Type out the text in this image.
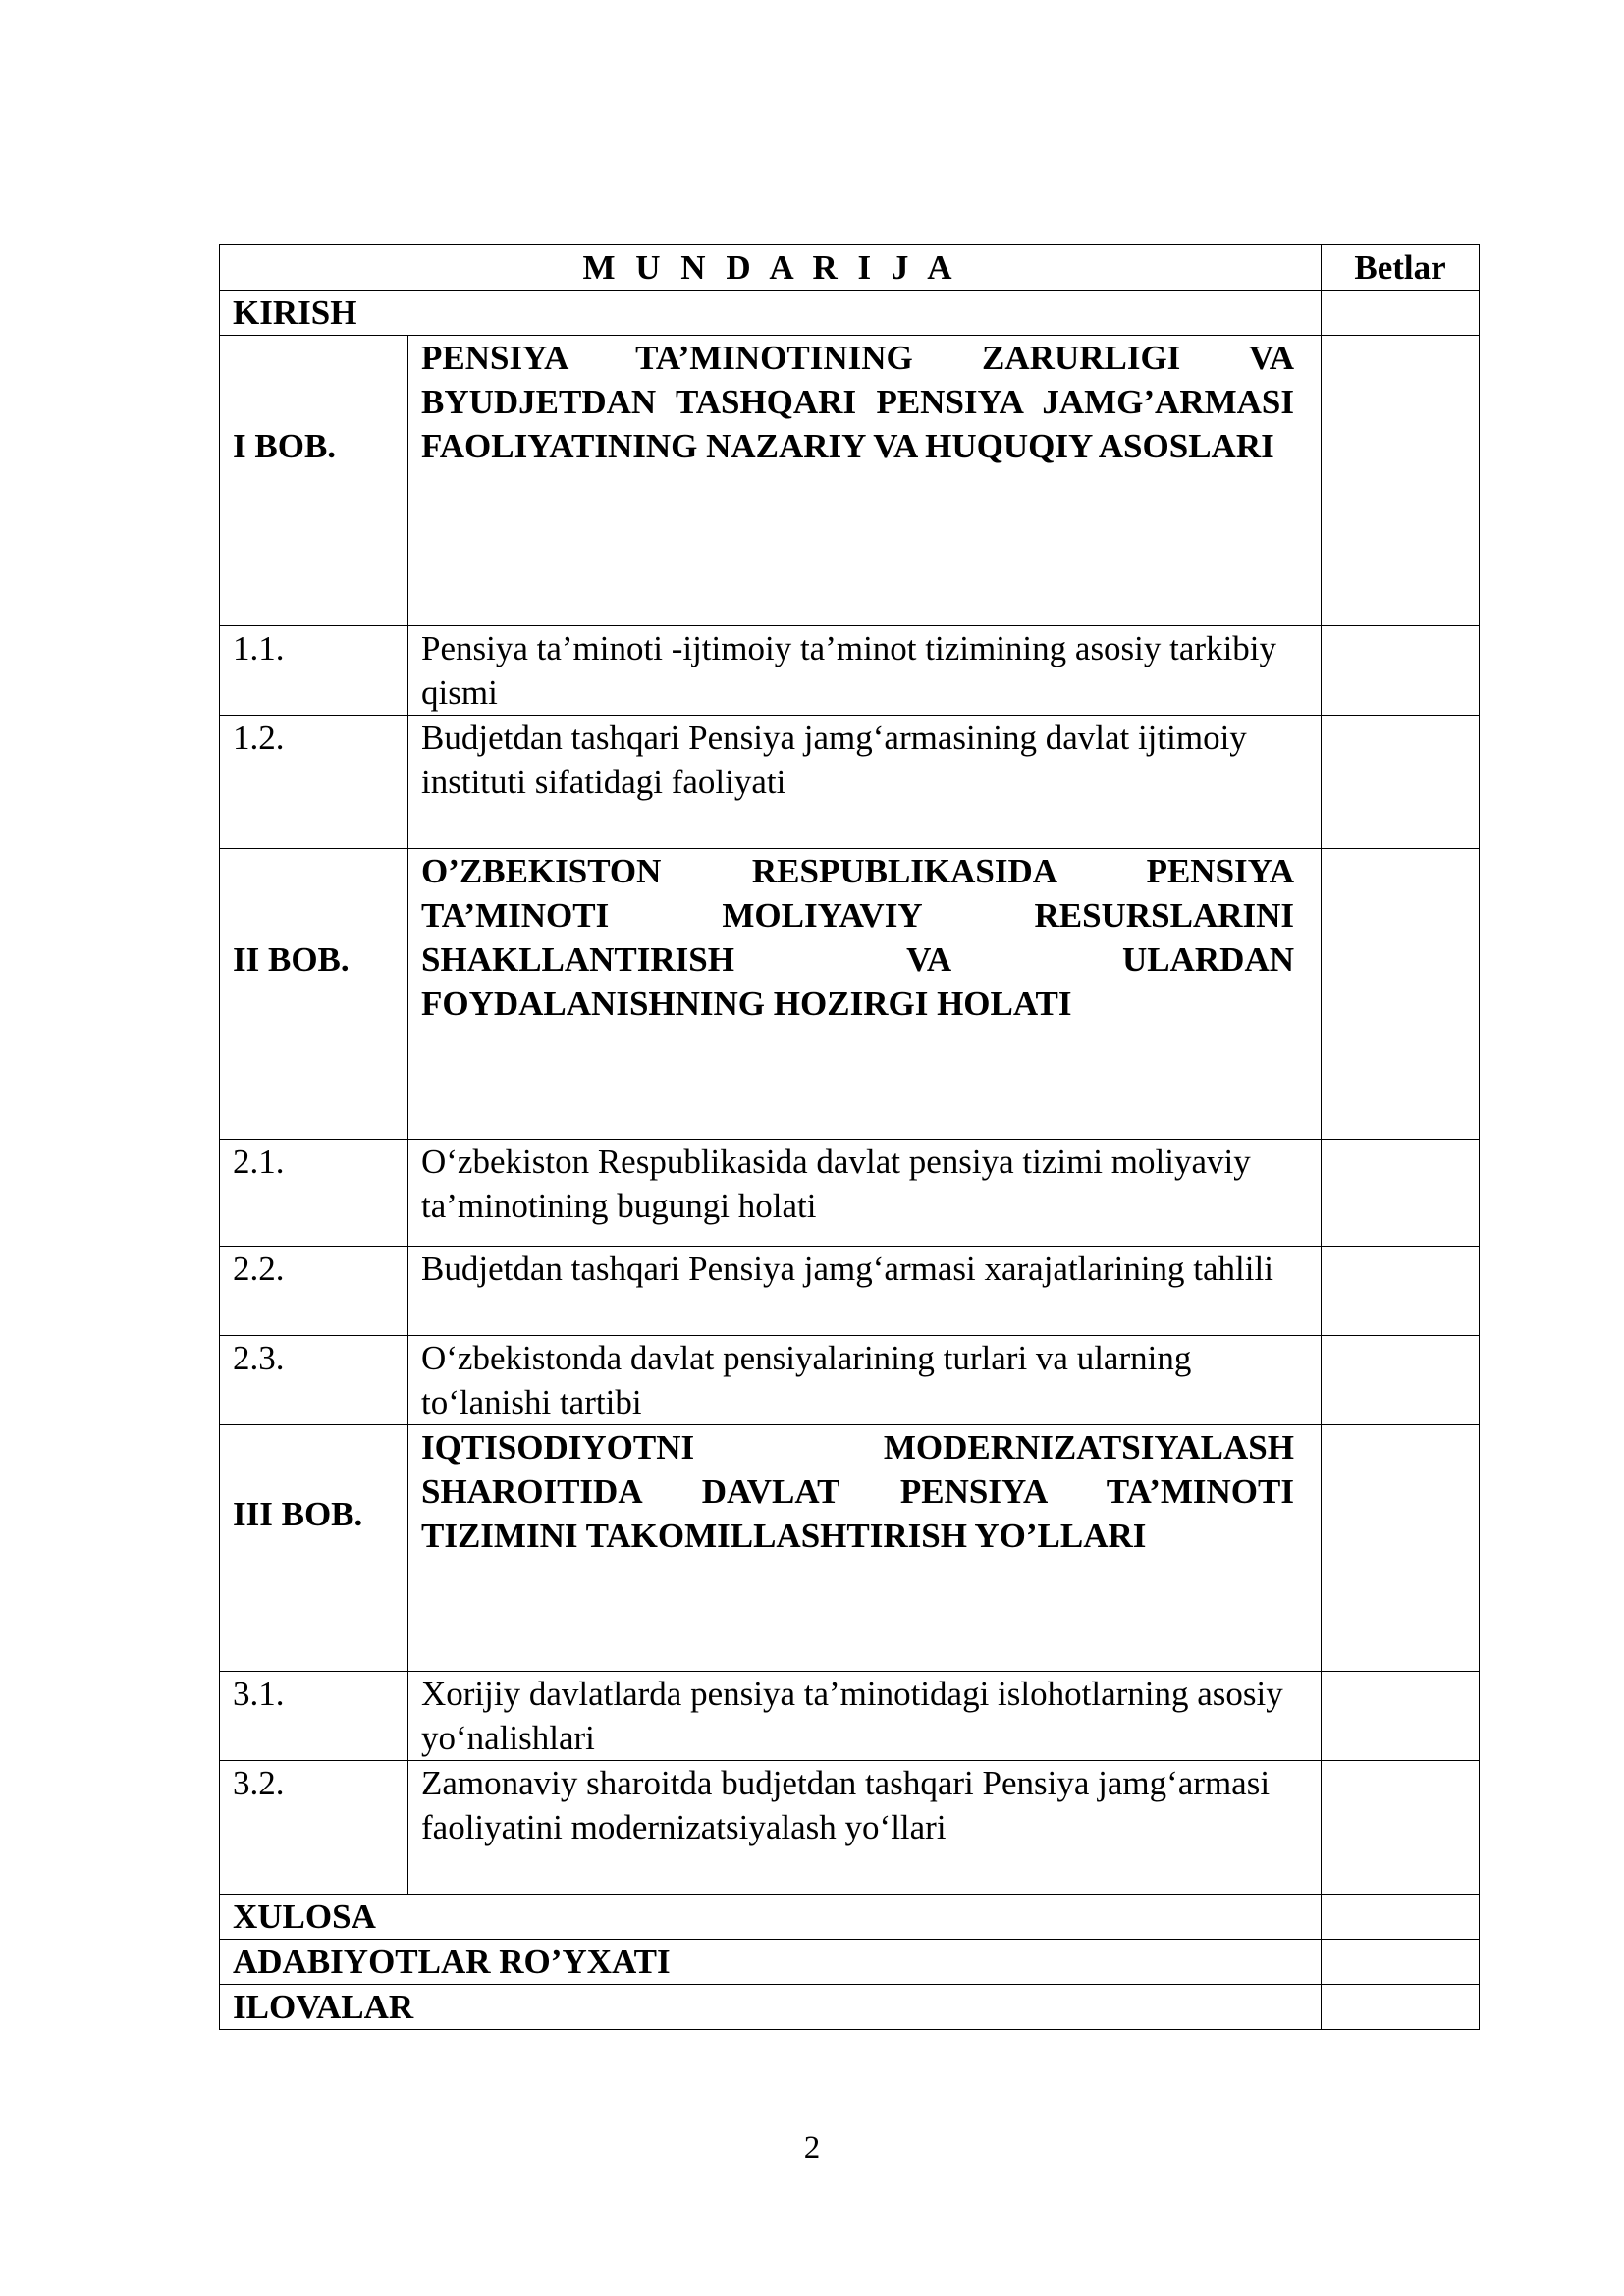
M U N D A R I J A		Betlar
KIRISH		
I BOB.	PENSIYA TA’MINOTINING ZARURLIGI VA BYUDJETDAN TASHQARI PENSIYA JAMG’ARMASI FAOLIYATINING NAZARIY VA HUQUQIY ASOSLARI	
1.1.	Pensiya ta’minoti -ijtimoiy ta’minot tizimining asosiy tarkibiy qismi	
1.2.	Budjetdan tashqari Pensiya jamg‘armasining davlat ijtimoiy instituti sifatidagi faoliyati	
II BOB.	O’ZBEKISTON RESPUBLIKASIDA PENSIYA TA’MINOTI MOLIYAVIY RESURSLARINI SHAKLLANTIRISH VA ULARDAN FOYDALANISHNING HOZIRGI HOLATI	
2.1.	O‘zbekiston Respublikasida davlat pensiya tizimi moliyaviy ta’minotining bugungi holati	
2.2.	Budjetdan tashqari Pensiya jamg‘armasi xarajatlarining tahlili	
2.3.	O‘zbekistonda davlat pensiyalarining turlari va ularning to‘lanishi tartibi	
III BOB.	IQTISODIYOTNI MODERNIZATSIYALASH SHAROITIDA DAVLAT PENSIYA TA’MINOTI TIZIMINI TAKOMILLASHTIRISH YO’LLARI	
3.1.	Xorijiy davlatlarda pensiya ta’minotidagi islohotlarning asosiy yo‘nalishlari	
3.2.	Zamonaviy sharoitda budjetdan tashqari Pensiya jamg‘armasi faoliyatini modernizatsiyalash yo‘llari	
XULOSA		
ADABIYOTLAR RO’YXATI		
ILOVALAR		
2
